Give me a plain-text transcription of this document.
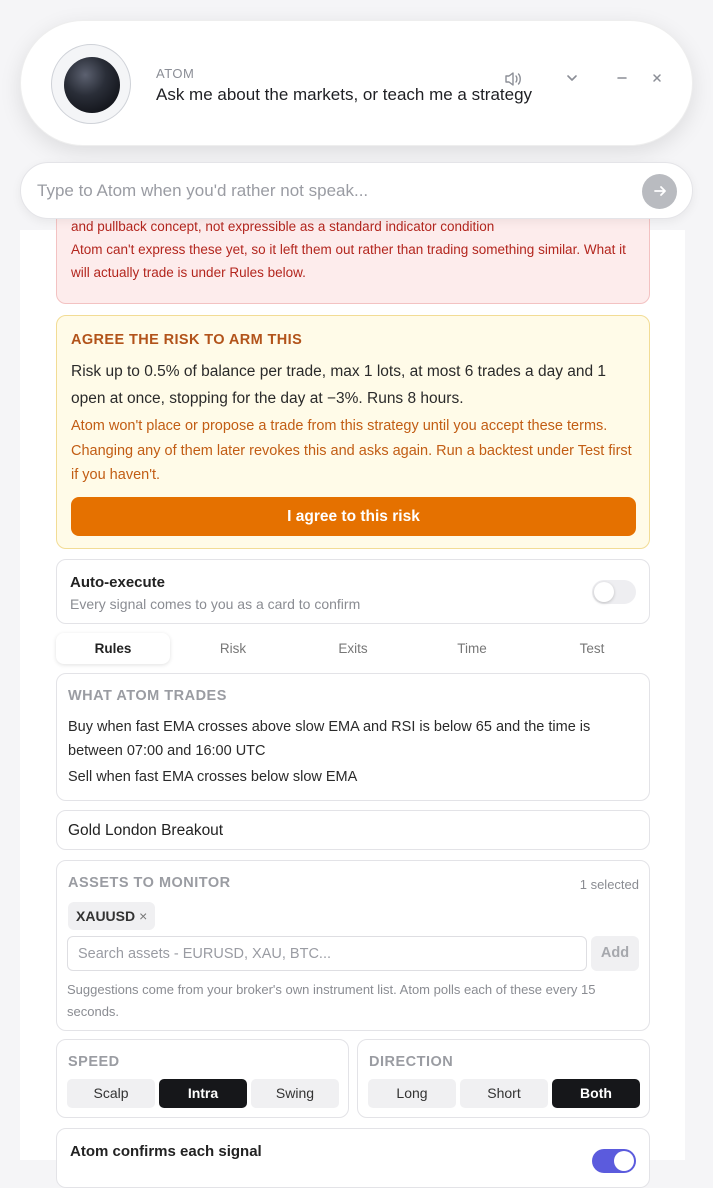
ATOM
Ask me about the markets, or teach me a strategy
Type to Atom when you'd rather not speak...
and pullback concept, not expressible as a standard indicator condition
Atom can't express these yet, so it left them out rather than trading something similar. What it will actually trade is under Rules below.
AGREE THE RISK TO ARM THIS
Risk up to 0.5% of balance per trade, max 1 lots, at most 6 trades a day and 1 open at once, stopping for the day at −3%. Runs 8 hours.
Atom won't place or propose a trade from this strategy until you accept these terms. Changing any of them later revokes this and asks again. Run a backtest under Test first if you haven't.
I agree to this risk
Auto-execute
Every signal comes to you as a card to confirm
Rules	Risk	Exits	Time	Test
WHAT ATOM TRADES
Buy when fast EMA crosses above slow EMA and RSI is below 65 and the time is between 07:00 and 16:00 UTC
Sell when fast EMA crosses below slow EMA
Gold London Breakout
ASSETS TO MONITOR	1 selected
XAUUSD ×
Search assets - EURUSD, XAU, BTC...
Add
Suggestions come from your broker's own instrument list. Atom polls each of these every 15 seconds.
SPEED
Scalp	Intra	Swing
DIRECTION
Long	Short	Both
Atom confirms each signal
